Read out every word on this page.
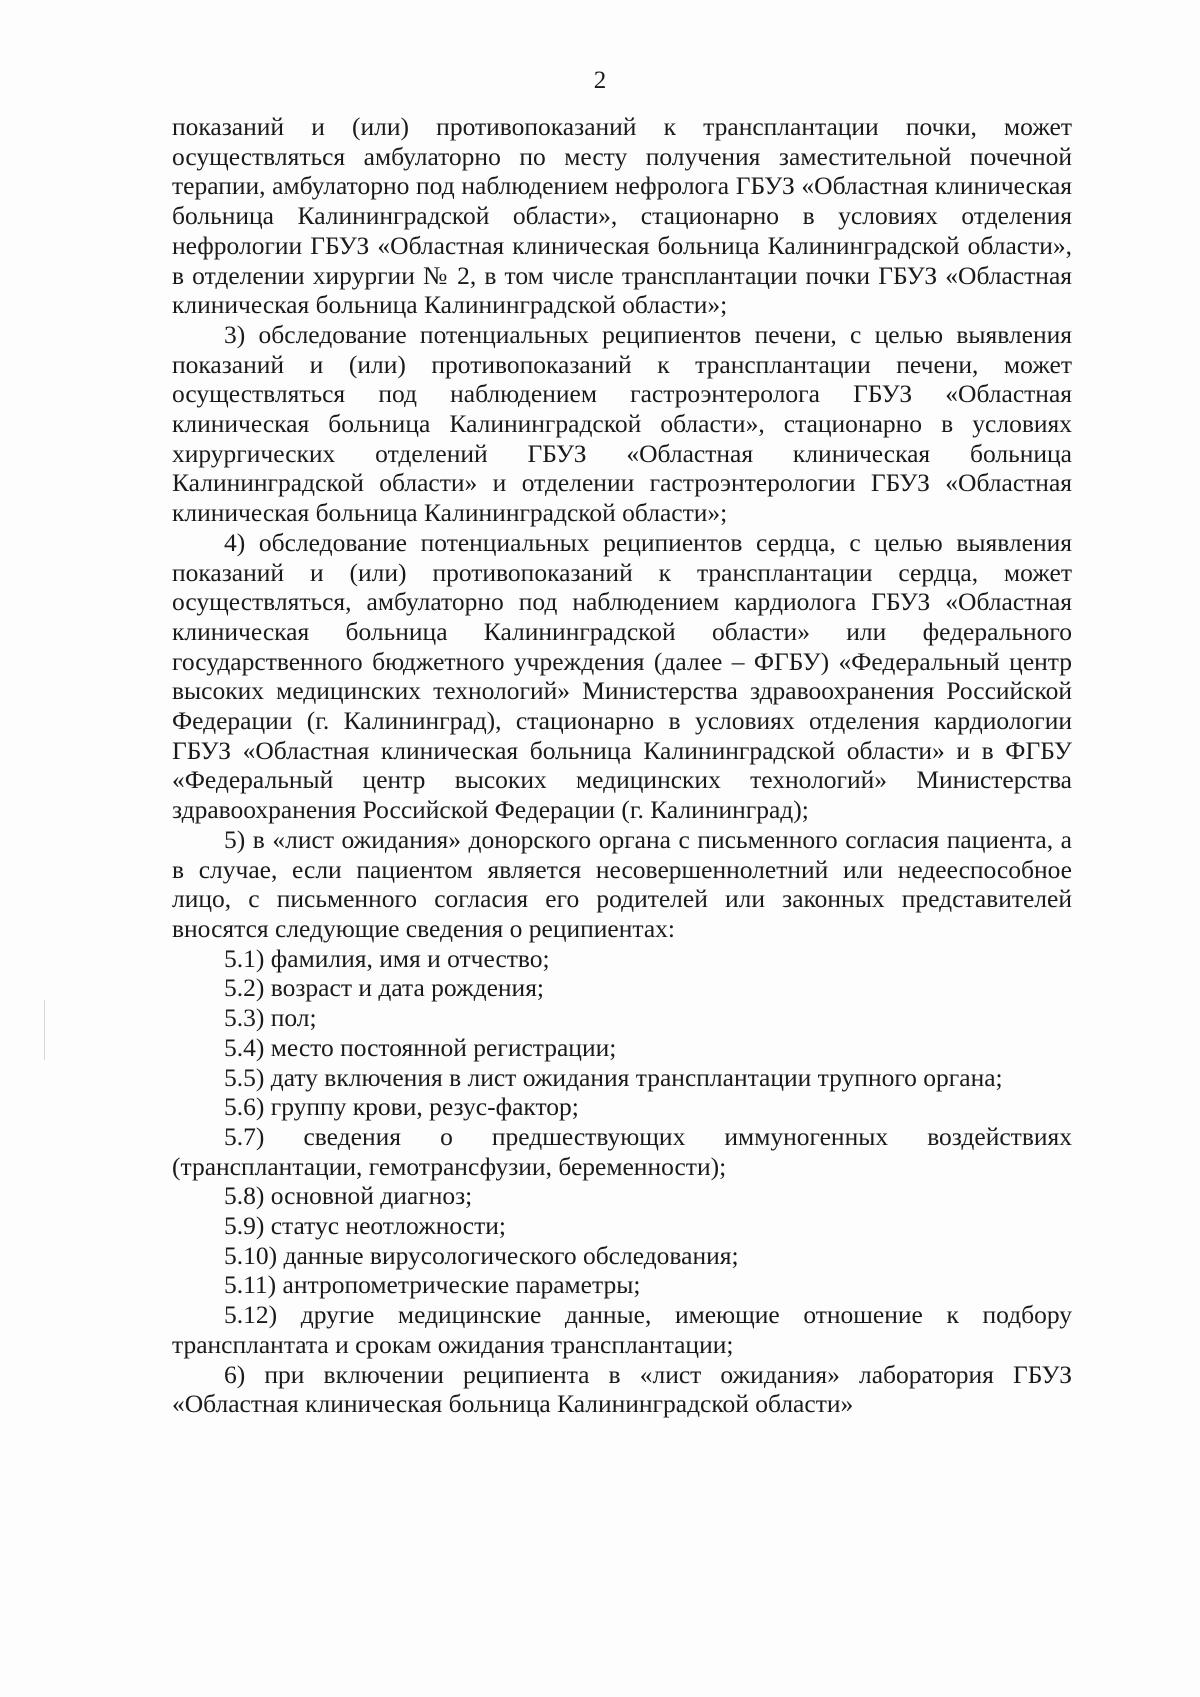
2

показаний и (или) противопоказаний к трансплантации почки, может осуществляться амбулаторно по месту получения заместительной почечной терапии, амбулаторно под наблюдением нефролога ГБУЗ «Областная клиническая больница Калининградской области», стационарно в условиях отделения нефрологии ГБУЗ «Областная клиническая больница Калининградской области», в отделении хирургии № 2, в том числе трансплантации почки ГБУЗ «Областная клиническая больница Калининградской области»;

3) обследование потенциальных реципиентов печени, с целью выявления показаний и (или) противопоказаний к трансплантации печени, может осуществляться под наблюдением гастроэнтеролога ГБУЗ «Областная клиническая больница Калининградской области», стационарно в условиях хирургических отделений ГБУЗ «Областная клиническая больница Калининградской области» и отделении гастроэнтерологии ГБУЗ «Областная клиническая больница Калининградской области»;

4) обследование потенциальных реципиентов сердца, с целью выявления показаний и (или) противопоказаний к трансплантации сердца, может осуществляться, амбулаторно под наблюдением кардиолога ГБУЗ «Областная клиническая больница Калининградской области» или федерального государственного бюджетного учреждения (далее – ФГБУ) «Федеральный центр высоких медицинских технологий» Министерства здравоохранения Российской Федерации (г. Калининград), стационарно в условиях отделения кардиологии ГБУЗ «Областная клиническая больница Калининградской области» и в ФГБУ «Федеральный центр высоких медицинских технологий» Министерства здравоохранения Российской Федерации (г. Калининград);

5) в «лист ожидания» донорского органа с письменного согласия пациента, а в случае, если пациентом является несовершеннолетний или недееспособное лицо, с письменного согласия его родителей или законных представителей вносятся следующие сведения о реципиентах:

5.1) фамилия, имя и отчество;

5.2) возраст и дата рождения;

5.3) пол;

5.4) место постоянной регистрации;

5.5) дату включения в лист ожидания трансплантации трупного органа;

5.6) группу крови, резус-фактор;

5.7) сведения о предшествующих иммуногенных воздействиях (трансплантации, гемотрансфузии, беременности);

5.8) основной диагноз;

5.9) статус неотложности;

5.10) данные вирусологического обследования;

5.11) антропометрические параметры;

5.12) другие медицинские данные, имеющие отношение к подбору трансплантата и срокам ожидания трансплантации;

6) при включении реципиента в «лист ожидания» лаборатория ГБУЗ «Областная клиническая больница Калининградской области»
